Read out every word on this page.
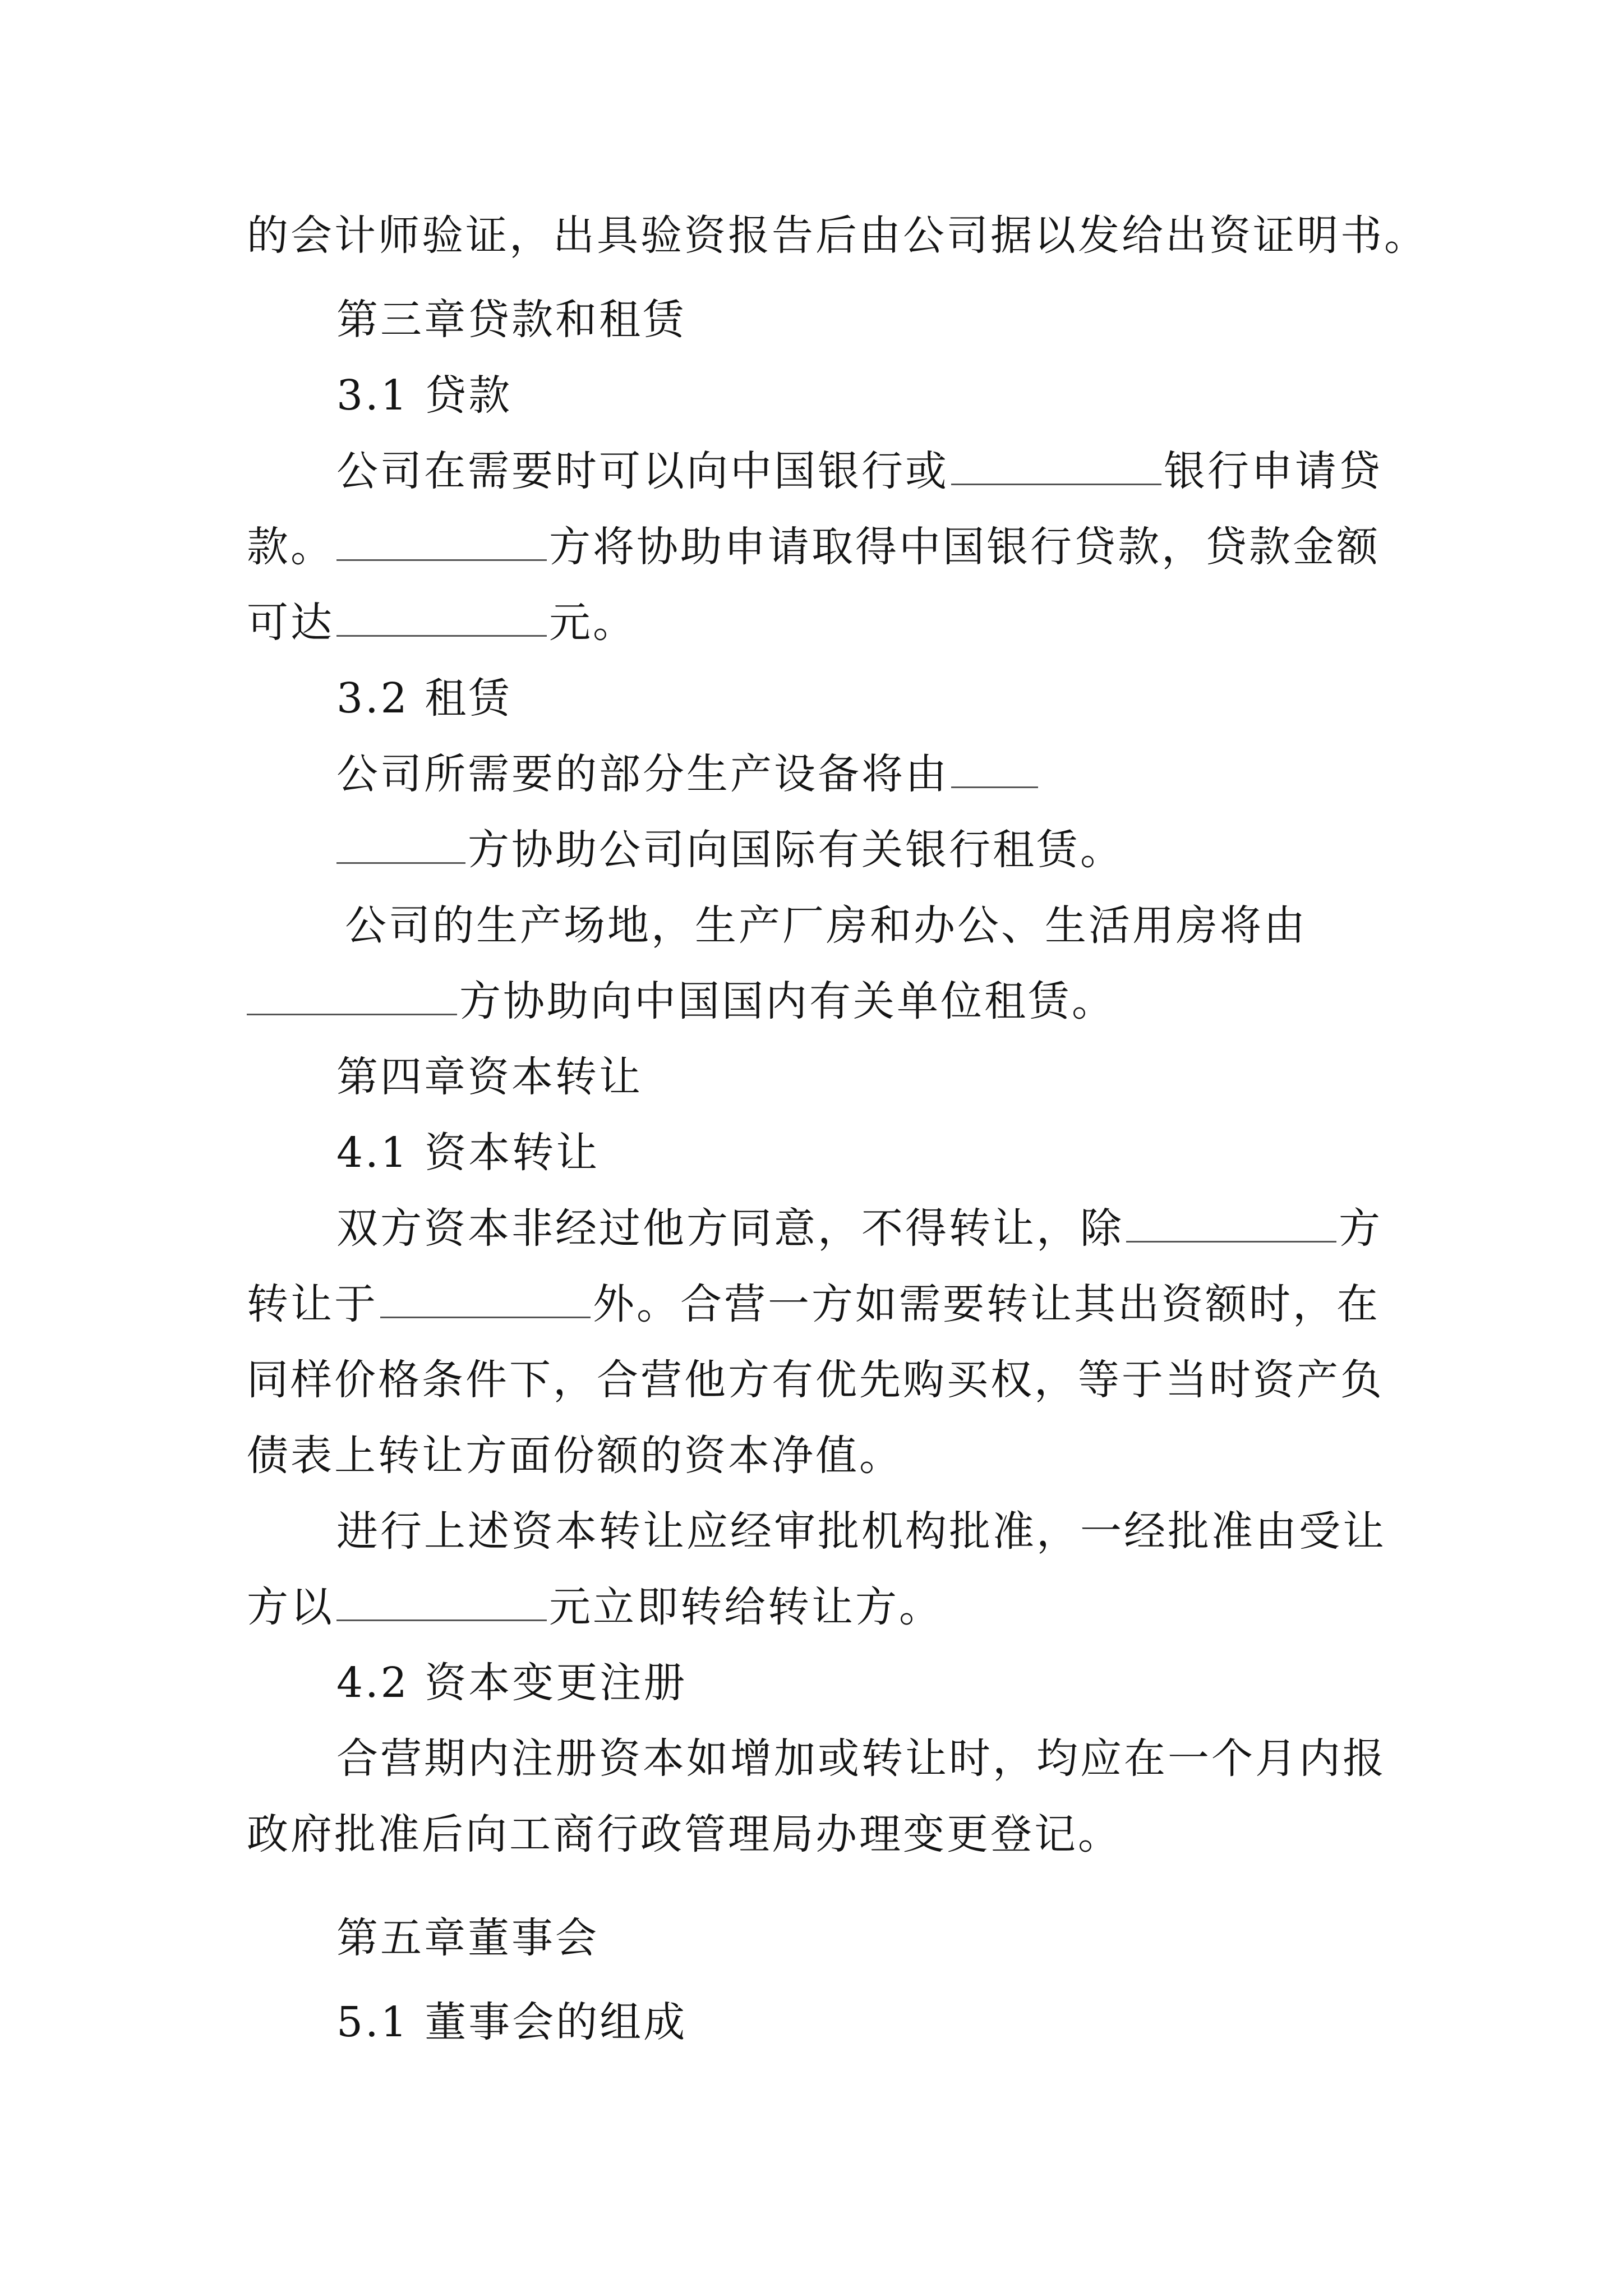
的会计师验证，出具验资报告后由公司据以发给出资证明书。
第三章贷款和租赁
3.1 贷款
公司在需要时可以向中国银行或	银行申请贷
款。	方将协助申请取得中国银行贷款，贷款金额
可达	元。
3.2 租赁
公司所需要的部分生产设备将由
方协助公司向国际有关银行租赁。
公司的生产场地，生产厂房和办公、生活用房将由
方协助向中国国内有关单位租赁。
第四章资本转让
4.1 资本转让
双方资本非经过他方同意，不得转让，除	方
转让于	外。合营一方如需要转让其出资额时，在
同样价格条件下，合营他方有优先购买权，等于当时资产负
债表上转让方面份额的资本净值。
进行上述资本转让应经审批机构批准，一经批准由受让
方以	元立即转给转让方。
4.2 资本变更注册
合营期内注册资本如增加或转让时，均应在一个月内报
政府批准后向工商行政管理局办理变更登记。
第五章董事会
5.1 董事会的组成
